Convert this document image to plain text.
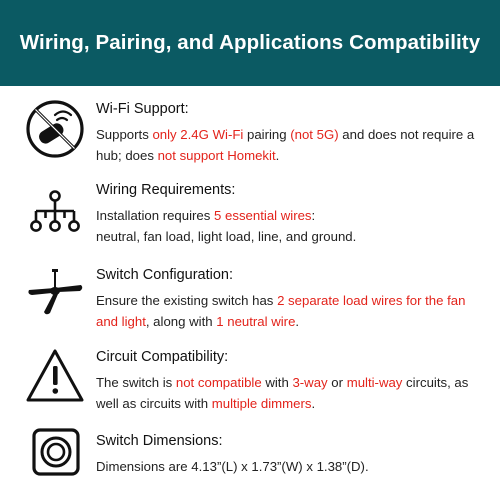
Wiring, Pairing, and Applications Compatibility

Wi-Fi Support:

Supports only 2.4G Wi-Fi pairing (not 5G) and does not require a hub; does not support Homekit.

Wiring Requirements:

Installation requires 5 essential wires:
neutral, fan load, light load, line, and ground.

Switch Configuration:

Ensure the existing switch has 2 separate load wires for the fan and light, along with 1 neutral wire.

Circuit Compatibility:

The switch is not compatible with 3-way or multi-way circuits, as well as circuits with multiple dimmers.

Switch Dimensions:

Dimensions are 4.13”(L) x 1.73”(W) x 1.38”(D).
